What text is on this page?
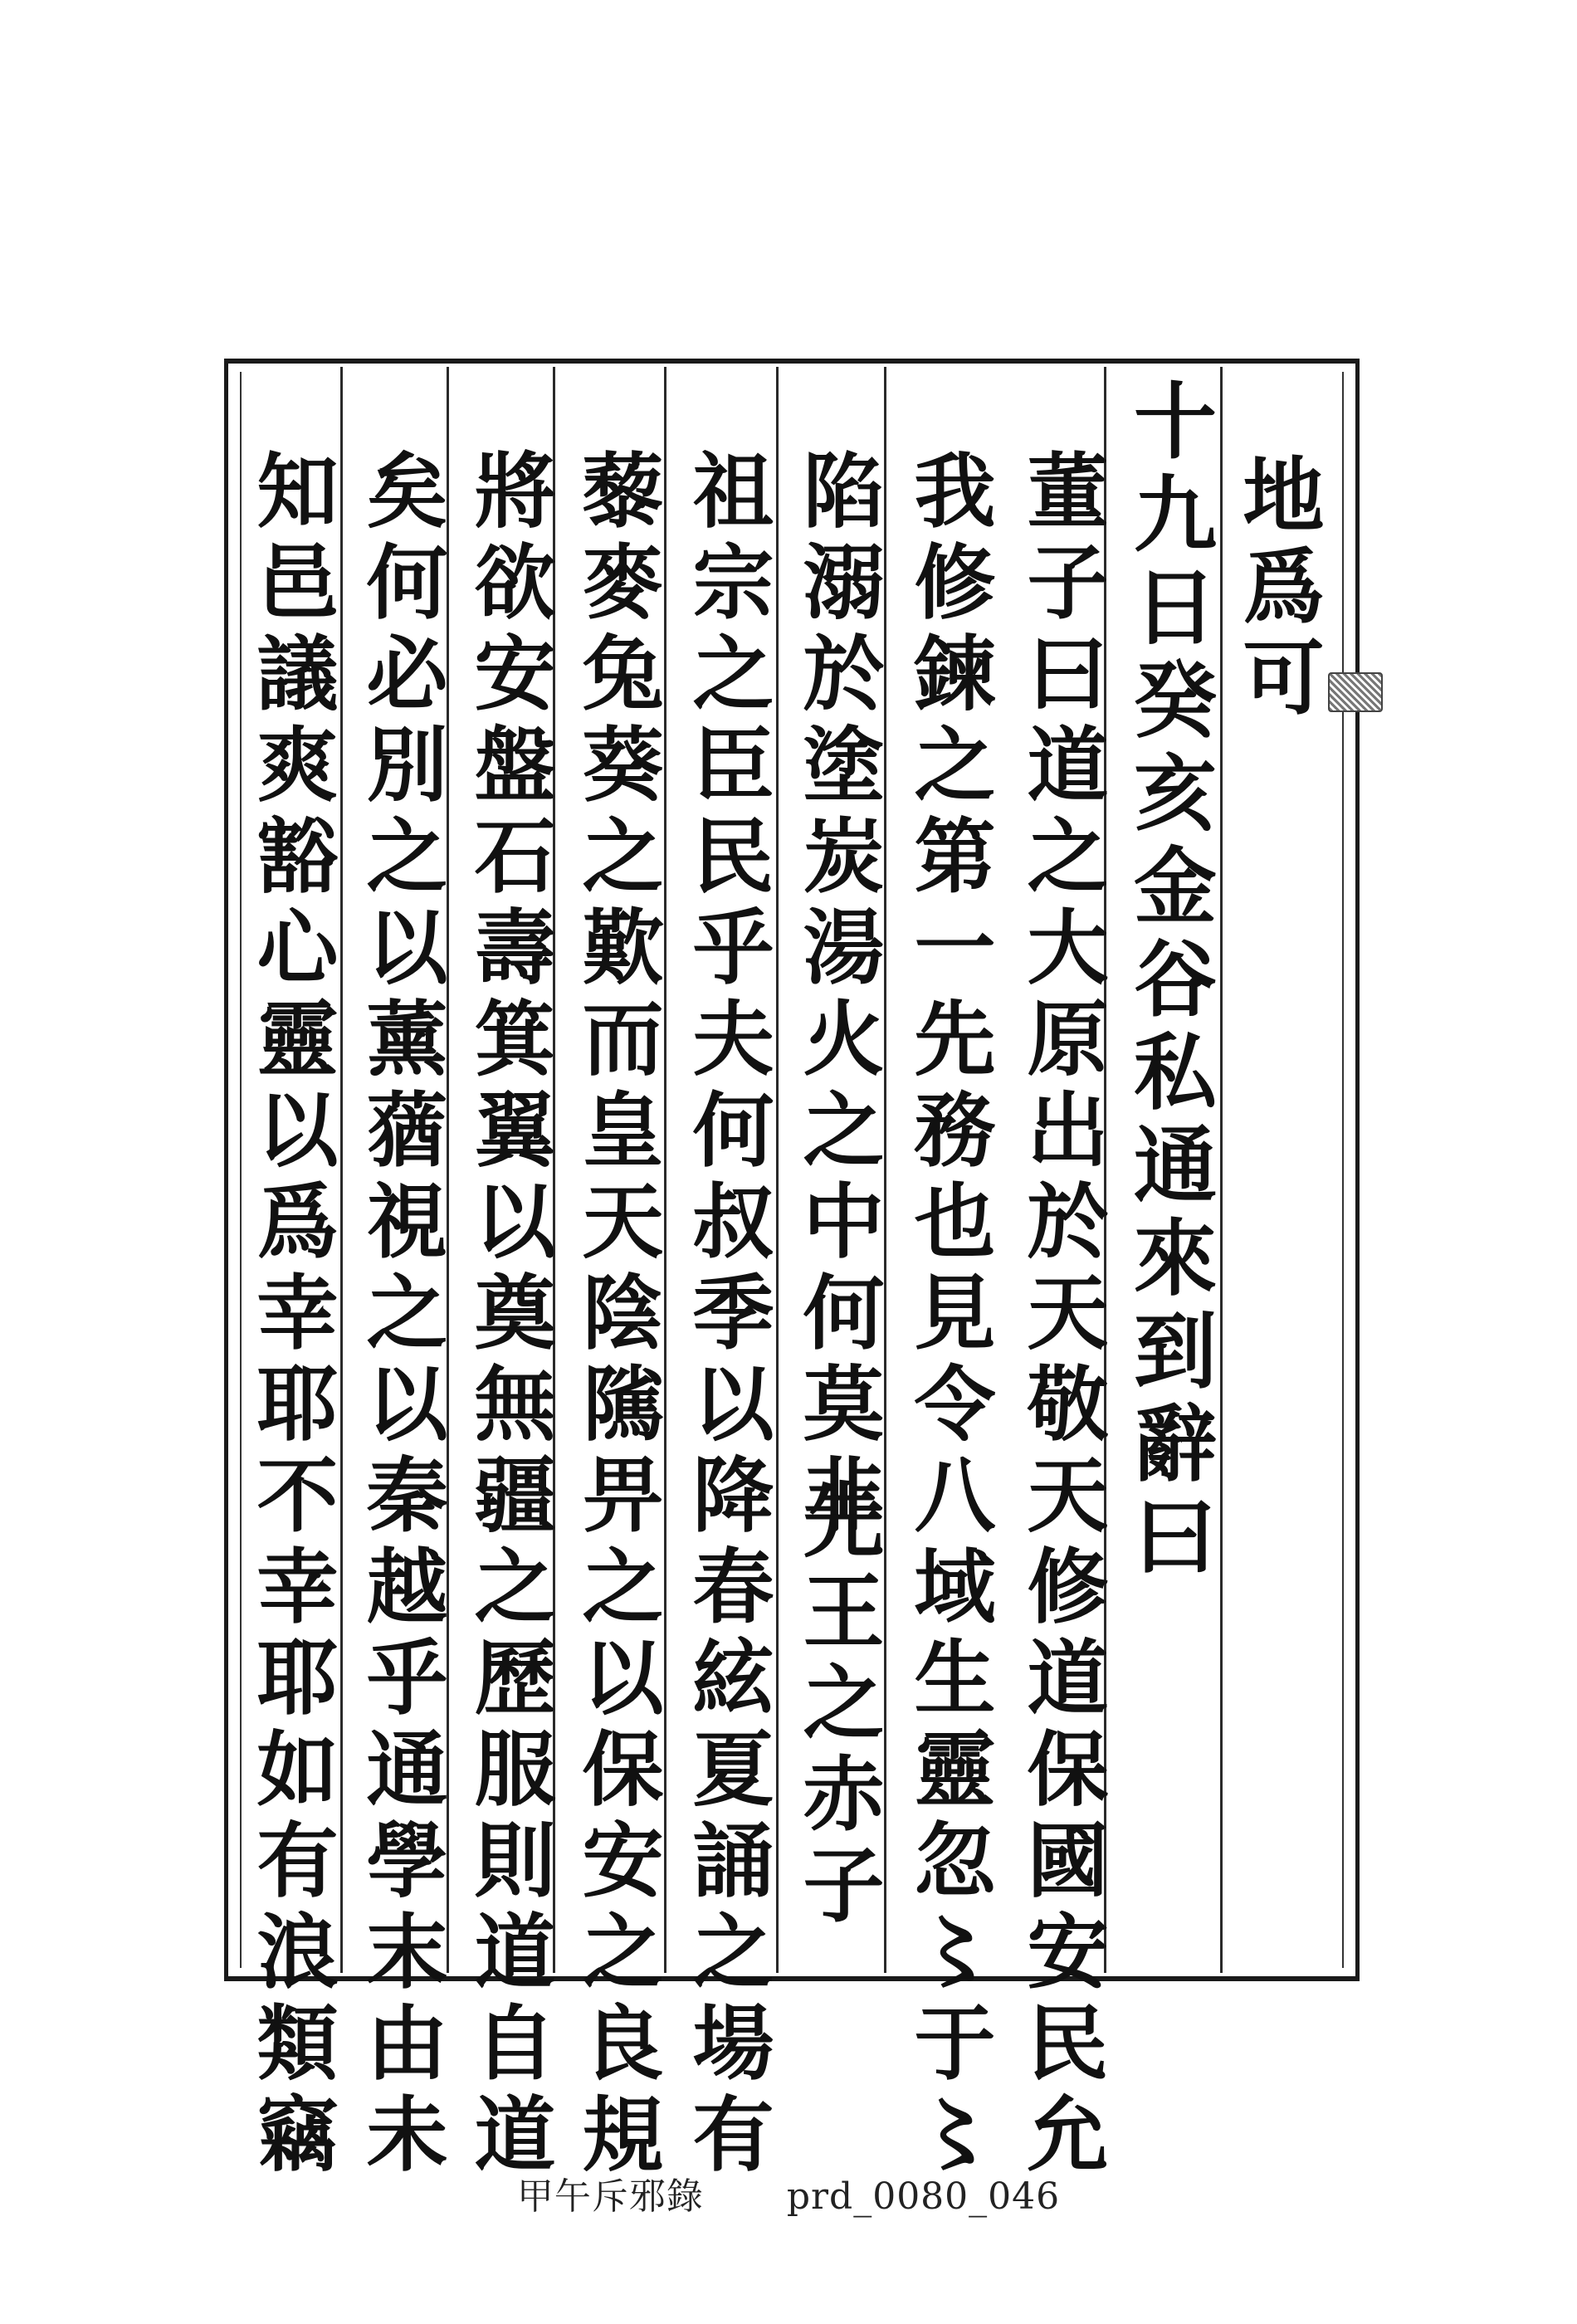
地爲可
十九日癸亥金谷私通來到辭曰
董子曰道之大原出於天敬天修道保國安民允
我修鍊之第一先務也見令八域生靈忽〻于〻
陷溺於塗炭湯火之中何莫非
先王之赤子
祖宗之臣民乎夫何叔季以降春絃夏誦之場有
藜麥兔葵之歎而皇天陰隲畀之以保安之良規
將欲安盤石壽箕翼以奠無疆之歷服則道自道
矣何必別之以薰蕕視之以秦越乎通學末由未
知邑議爽豁心靈以爲幸耶不幸耶如有浪類竊
甲午斥邪錄 prd_0080_046
